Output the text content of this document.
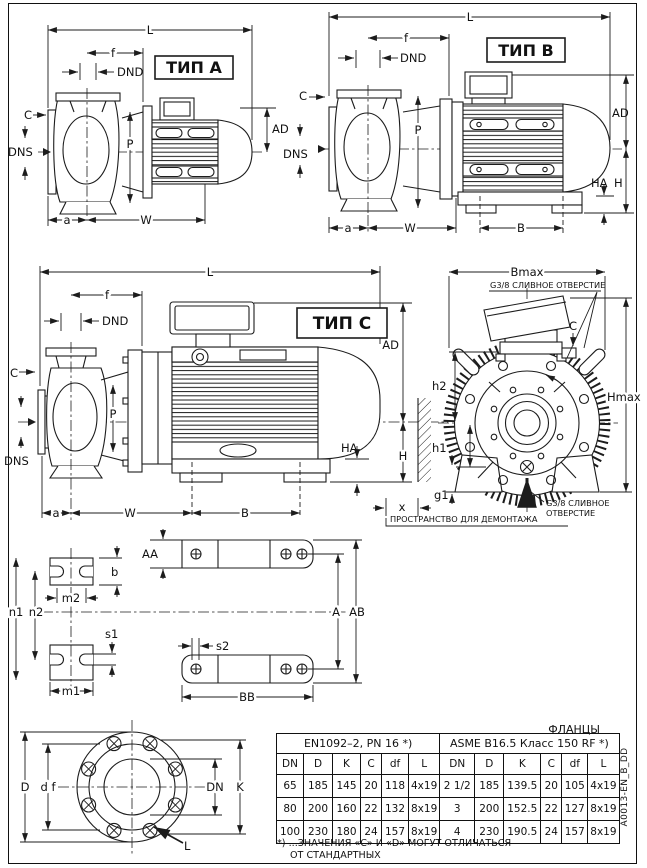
L
f
DND
C
DNS
P
AD
a	W
ТИП A
L
f
DND
C
DNS
P
AD
H
HA
a	W	B
ТИП B
L
f
DND
C
DNS
P
AD
H
HA
a	W	B	x
ПРОСТРАНСТВО ДЛЯ ДЕМОНТАЖА
ТИП C
G3/8 СЛИВНОЕ
ОТВЕРСТИЕ
G3/8 СЛИВНОЕ ОТВЕРСТИЕ
Bmax
Hmax
C
h2
h1
g1
n1 n2
b
m2
s1
m1
AA
s2
A AB
BB
D d f	DN K
L
ФЛАНЦЫ
EN1092–2, PN 16 *)						ASME B16.5 Класс 150 RF *)					
DN	D	K	C	df	L	DN	D	K	C	df	L
65	185	145	20	118	4x19	2 1/2	185	139.5	20	105	4x19
80	200	160	22	132	8x19	3	200	152.5	22	127	8x19
100	230	180	24	157	8x19	4	230	190.5	24	157	8x19
*) ...ЗНАЧЕНИЯ «C» И «D» МОГУТ ОТЛИЧАТЬСЯ
ОТ СТАНДАРТНЫХ
A0013-EN_B_DD
